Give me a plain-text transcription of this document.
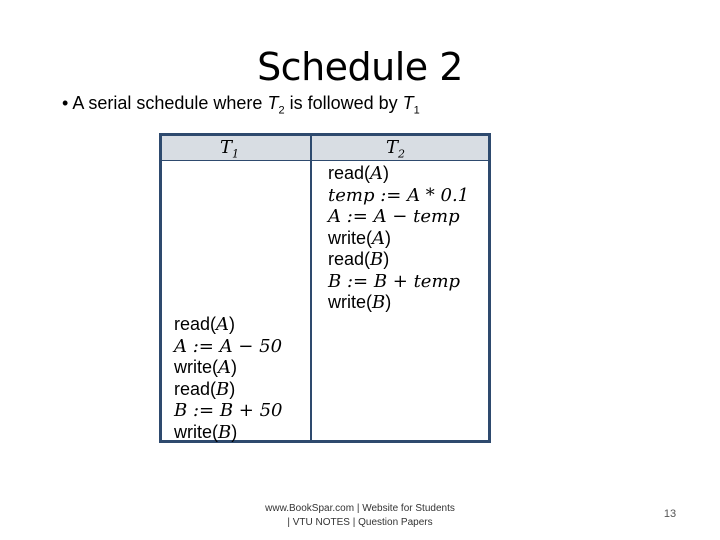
Schedule 2
• A serial schedule where $T_2$ is followed by $T_1$
$T_1$	$T_2$
read(A)
temp := A * 0.1
A := A − temp
write(A)
read(B)
B := B + temp
write(B)
read(A)
A := A − 50
write(A)
read(B)
B := B + 50
write(B)
www.BookSpar.com | Website for Students
| VTU NOTES | Question Papers
13
